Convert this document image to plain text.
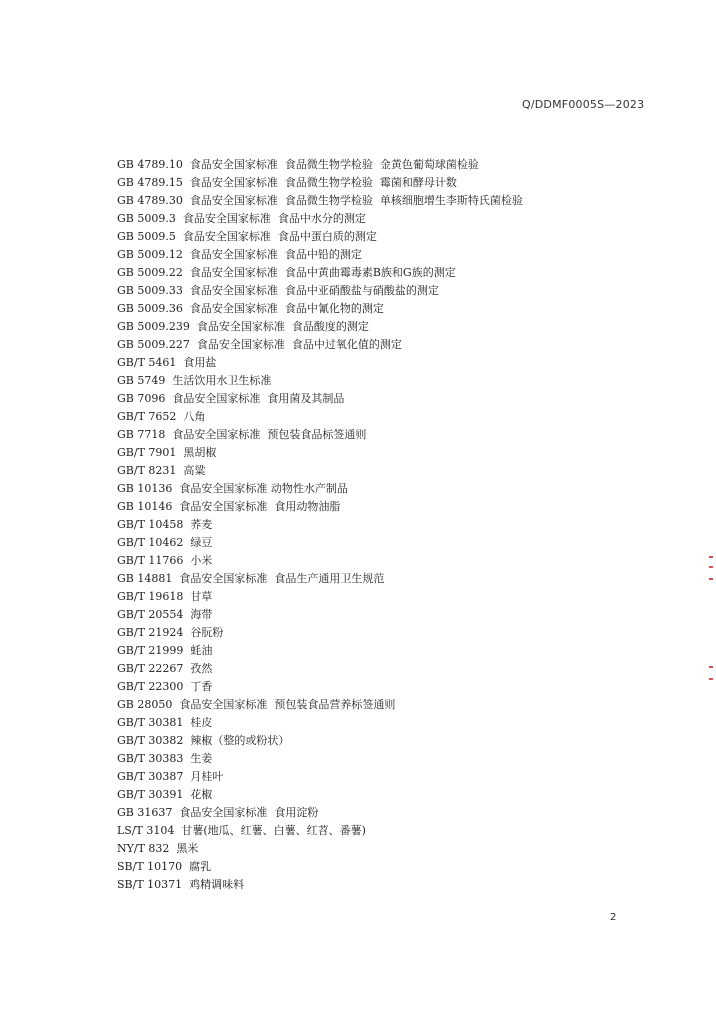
Q/DDMF0005S—2023
GB 4789.10  食品安全国家标准  食品微生物学检验  金黄色葡萄球菌检验
GB 4789.15  食品安全国家标准  食品微生物学检验  霉菌和酵母计数
GB 4789.30  食品安全国家标准  食品微生物学检验  单核细胞增生李斯特氏菌检验
GB 5009.3  食品安全国家标准  食品中水分的测定
GB 5009.5  食品安全国家标准  食品中蛋白质的测定
GB 5009.12  食品安全国家标准  食品中铅的测定
GB 5009.22  食品安全国家标准  食品中黄曲霉毒素B族和G族的测定
GB 5009.33  食品安全国家标准  食品中亚硝酸盐与硝酸盐的测定
GB 5009.36  食品安全国家标准  食品中氰化物的测定
GB 5009.239  食品安全国家标准  食品酸度的测定
GB 5009.227  食品安全国家标准  食品中过氧化值的测定
GB/T 5461  食用盐
GB 5749  生活饮用水卫生标准
GB 7096  食品安全国家标准  食用菌及其制品
GB/T 7652  八角
GB 7718  食品安全国家标准  预包装食品标签通则
GB/T 7901  黑胡椒
GB/T 8231  高粱
GB 10136  食品安全国家标准 动物性水产制品
GB 10146  食品安全国家标准  食用动物油脂
GB/T 10458  荞麦
GB/T 10462  绿豆
GB/T 11766  小米
GB 14881  食品安全国家标准  食品生产通用卫生规范
GB/T 19618  甘草
GB/T 20554  海带
GB/T 21924  谷朊粉
GB/T 21999  蚝油
GB/T 22267  孜然
GB/T 22300  丁香
GB 28050  食品安全国家标准  预包装食品营养标签通则
GB/T 30381  桂皮
GB/T 30382  辣椒（整的或粉状）
GB/T 30383  生姜
GB/T 30387  月桂叶
GB/T 30391  花椒
GB 31637  食品安全国家标准  食用淀粉
LS/T 3104  甘薯(地瓜、红薯、白薯、红苕、番薯)
NY/T 832  黑米
SB/T 10170  腐乳
SB/T 10371  鸡精调味料
2
